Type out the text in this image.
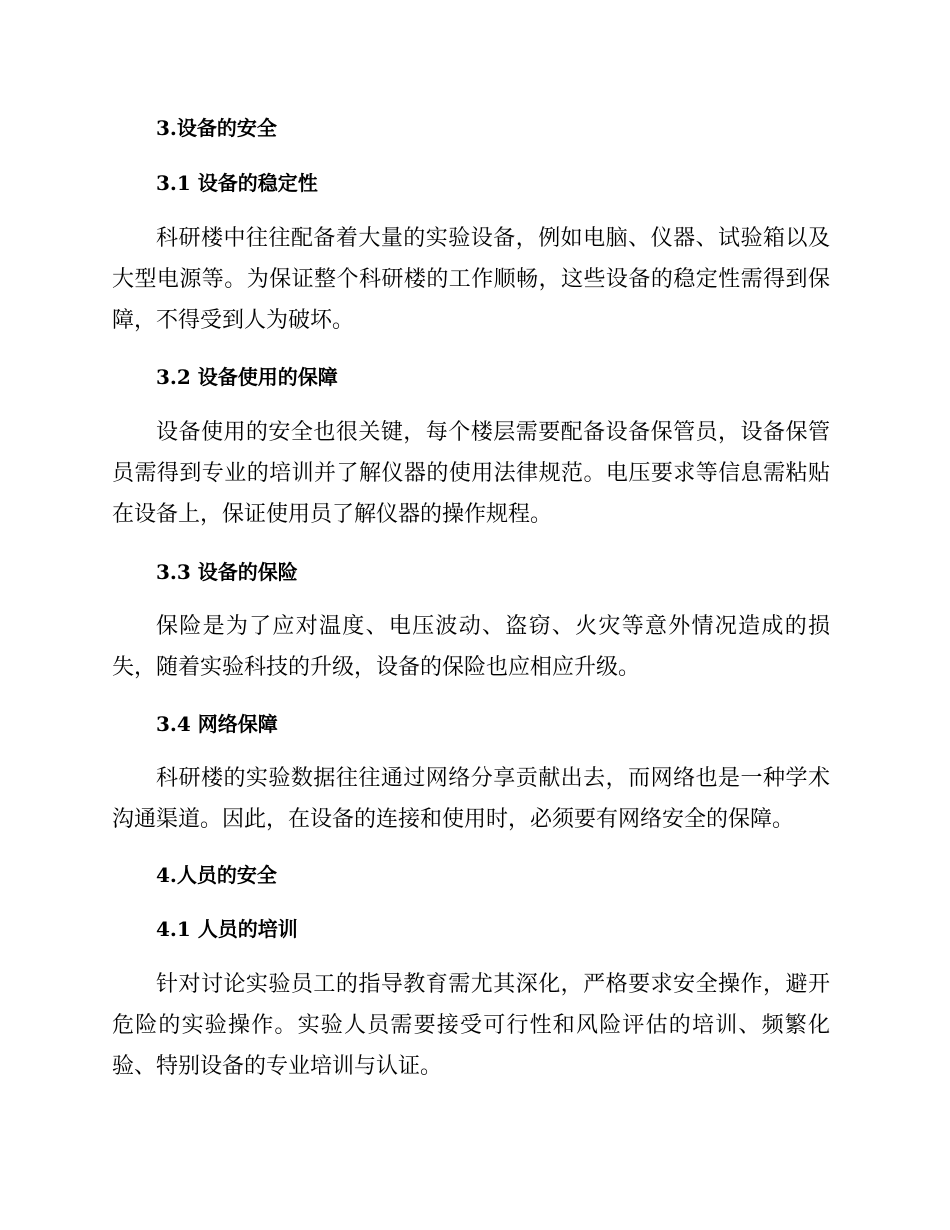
3.设备的安全
3.1 设备的稳定性

科研楼中往往配备着大量的实验设备，例如电脑、仪器、试验箱以及大型电源等。为保证整个科研楼的工作顺畅，这些设备的稳定性需得到保障，不得受到人为破坏。

3.2 设备使用的保障

设备使用的安全也很关键，每个楼层需要配备设备保管员，设备保管员需得到专业的培训并了解仪器的使用法律规范。电压要求等信息需粘贴在设备上，保证使用员了解仪器的操作规程。

3.3 设备的保险

保险是为了应对温度、电压波动、盗窃、火灾等意外情况造成的损失，随着实验科技的升级，设备的保险也应相应升级。

3.4 网络保障

科研楼的实验数据往往通过网络分享贡献出去，而网络也是一种学术沟通渠道。因此，在设备的连接和使用时，必须要有网络安全的保障。

4.人员的安全
4.1 人员的培训

针对讨论实验员工的指导教育需尤其深化，严格要求安全操作，避开危险的实验操作。实验人员需要接受可行性和风险评估的培训、频繁化验、特别设备的专业培训与认证。
